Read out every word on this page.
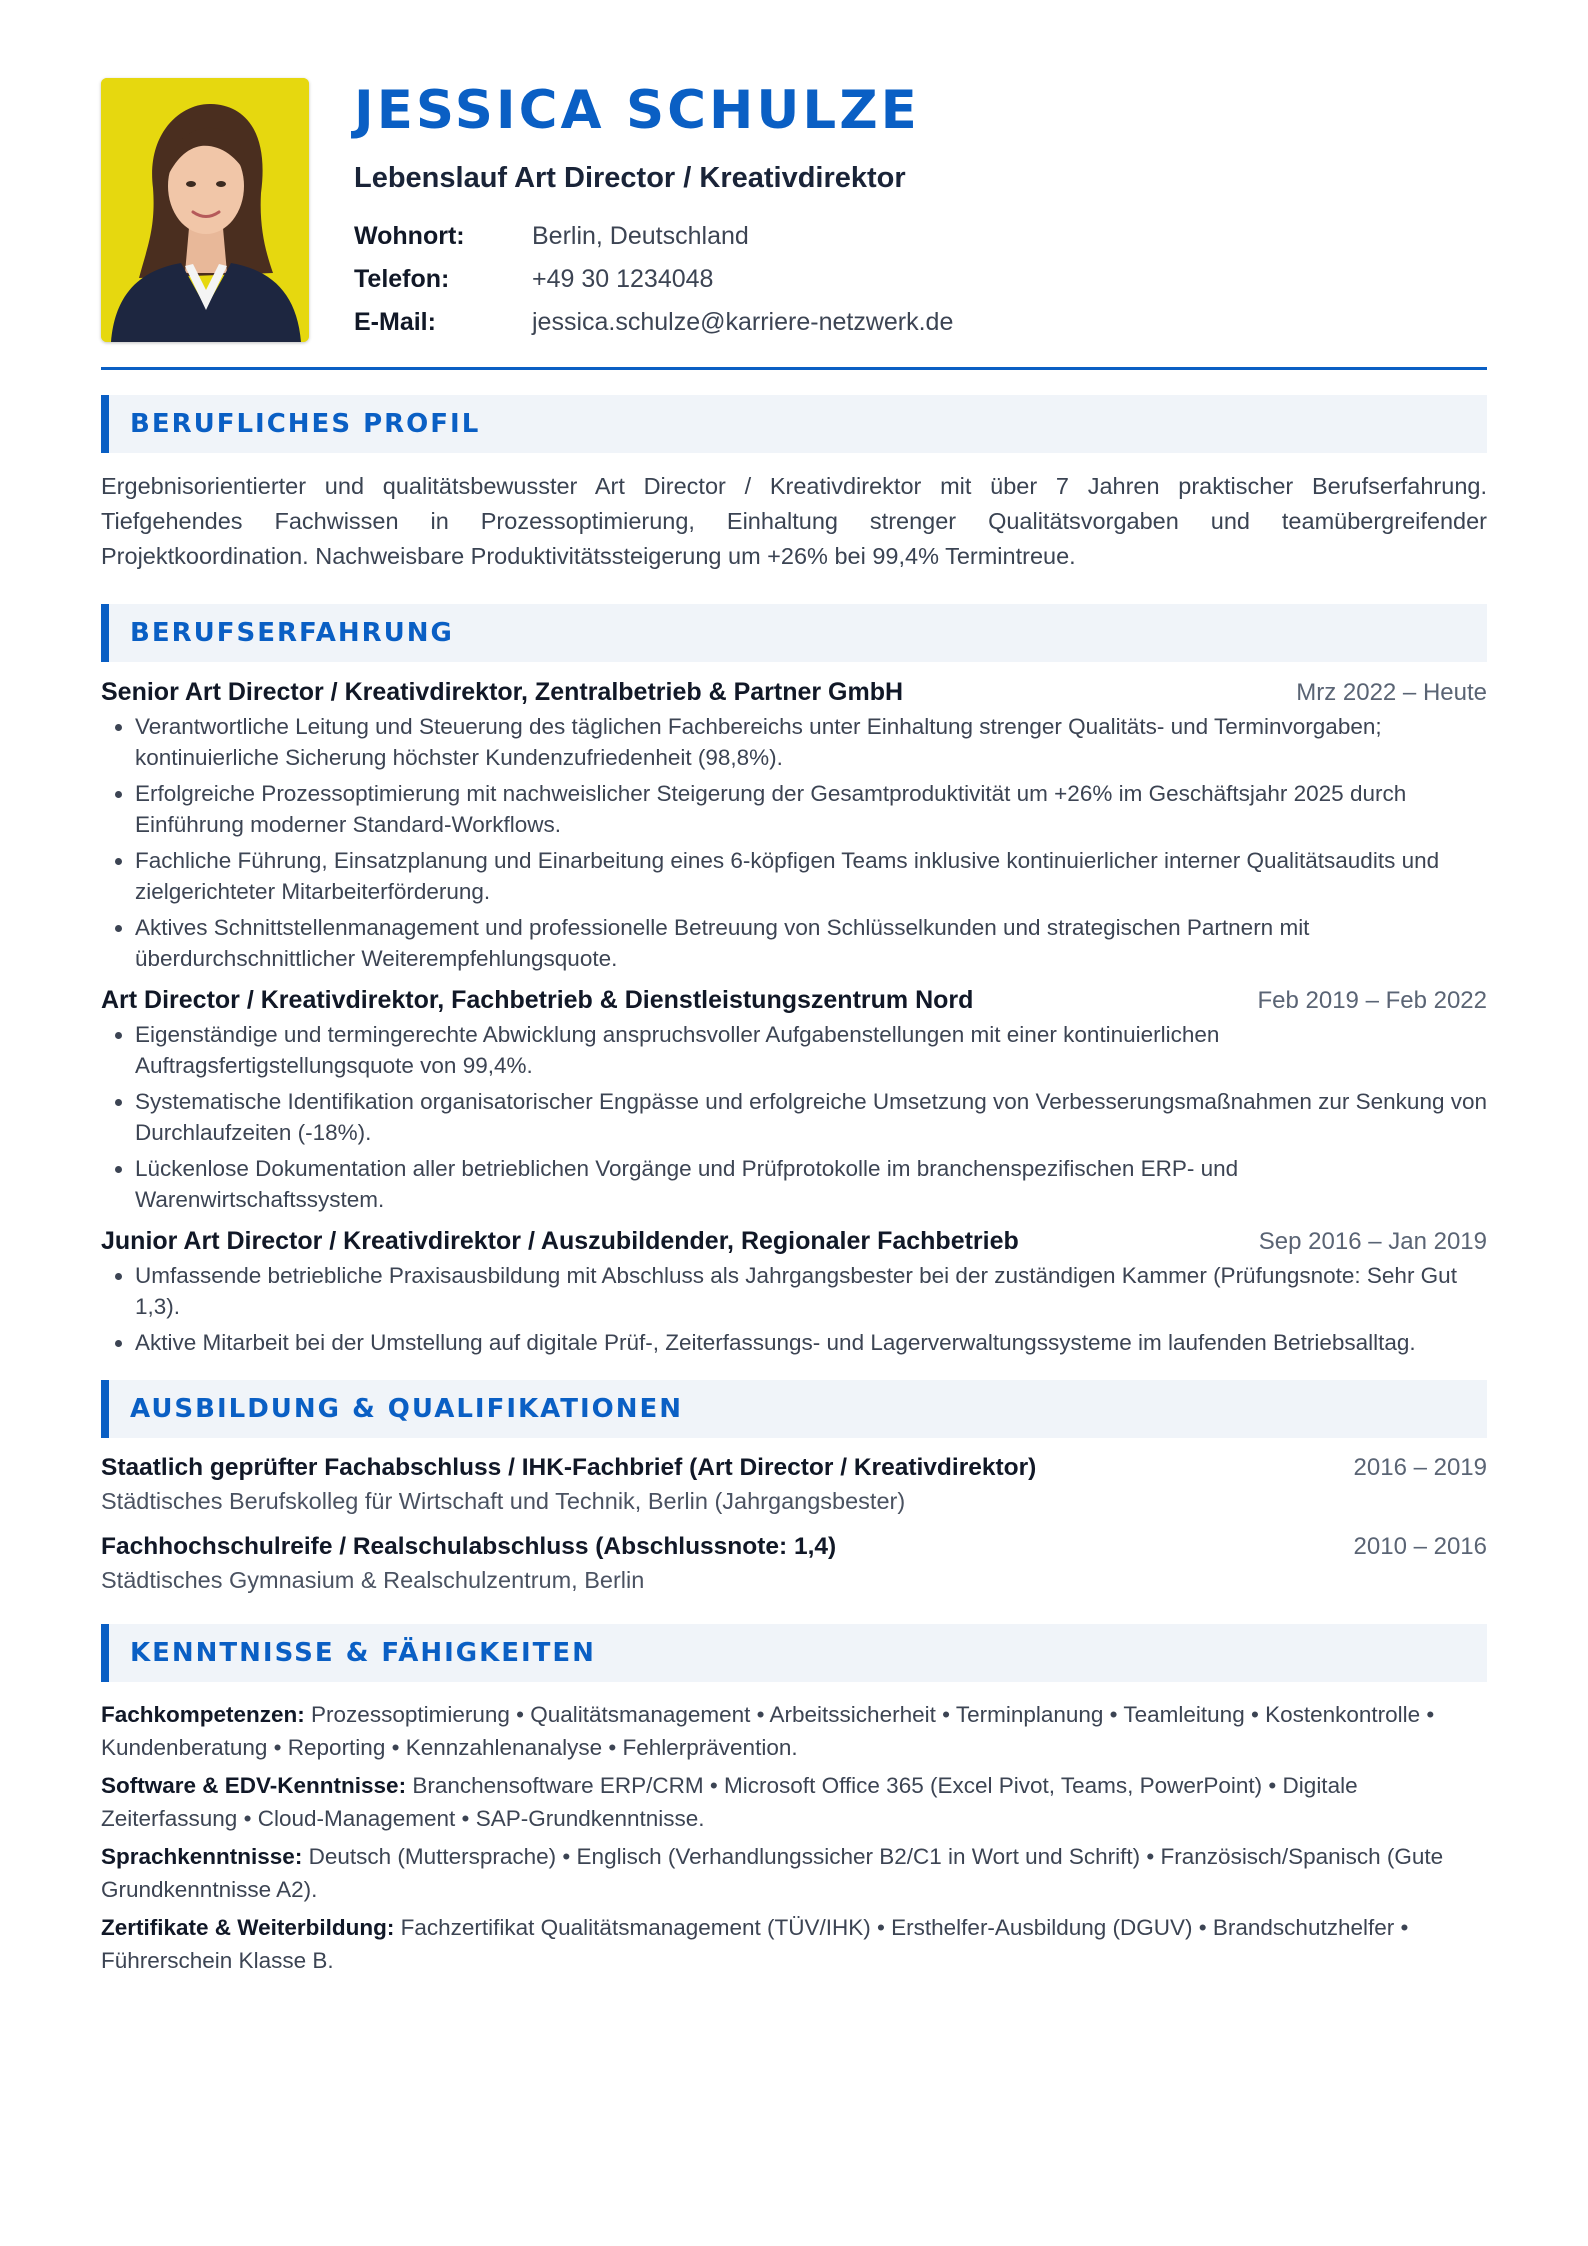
JESSICA SCHULZE
Lebenslauf Art Director / Kreativdirektor
Wohnort:	Berlin, Deutschland
Telefon:	+49 30 1234048
E-Mail:	jessica.schulze@karriere-netzwerk.de
BERUFLICHES PROFIL

Ergebnisorientierter und qualitätsbewusster Art Director / Kreativdirektor mit über 7 Jahren praktischer Berufserfahrung. Tiefgehendes Fachwissen in Prozessoptimierung, Einhaltung strenger Qualitätsvorgaben und teamübergreifender Projektkoordination. Nachweisbare Produktivitätssteigerung um +26% bei 99,4% Termintreue.

BERUFSERFAHRUNG
Senior Art Director / Kreativdirektor, Zentralbetrieb & Partner GmbH	Mrz 2022 – Heute
• Verantwortliche Leitung und Steuerung des täglichen Fachbereichs unter Einhaltung strenger Qualitäts- und Terminvorgaben; kontinuierliche Sicherung höchster Kundenzufriedenheit (98,8%).
• Erfolgreiche Prozessoptimierung mit nachweislicher Steigerung der Gesamtproduktivität um +26% im Geschäftsjahr 2025 durch Einführung moderner Standard-Workflows.
• Fachliche Führung, Einsatzplanung und Einarbeitung eines 6-köpfigen Teams inklusive kontinuierlicher interner Qualitätsaudits und zielgerichteter Mitarbeiterförderung.
• Aktives Schnittstellenmanagement und professionelle Betreuung von Schlüsselkunden und strategischen Partnern mit überdurchschnittlicher Weiterempfehlungsquote.
Art Director / Kreativdirektor, Fachbetrieb & Dienstleistungszentrum Nord	Feb 2019 – Feb 2022
• Eigenständige und termingerechte Abwicklung anspruchsvoller Aufgabenstellungen mit einer kontinuierlichen Auftragsfertigstellungsquote von 99,4%.
• Systematische Identifikation organisatorischer Engpässe und erfolgreiche Umsetzung von Verbesserungsmaßnahmen zur Senkung von Durchlaufzeiten (-18%).
• Lückenlose Dokumentation aller betrieblichen Vorgänge und Prüfprotokolle im branchenspezifischen ERP- und Warenwirtschaftssystem.
Junior Art Director / Kreativdirektor / Auszubildender, Regionaler Fachbetrieb	Sep 2016 – Jan 2019
• Umfassende betriebliche Praxisausbildung mit Abschluss als Jahrgangsbester bei der zuständigen Kammer (Prüfungsnote: Sehr Gut 1,3).
• Aktive Mitarbeit bei der Umstellung auf digitale Prüf-, Zeiterfassungs- und Lagerverwaltungssysteme im laufenden Betriebsalltag.
AUSBILDUNG & QUALIFIKATIONEN
Staatlich geprüfter Fachabschluss / IHK-Fachbrief (Art Director / Kreativdirektor)	2016 – 2019
Städtisches Berufskolleg für Wirtschaft und Technik, Berlin (Jahrgangsbester)
Fachhochschulreife / Realschulabschluss (Abschlussnote: 1,4)	2010 – 2016
Städtisches Gymnasium & Realschulzentrum, Berlin
KENNTNISSE & FÄHIGKEITEN
Fachkompetenzen: Prozessoptimierung • Qualitätsmanagement • Arbeitssicherheit • Terminplanung • Teamleitung • Kostenkontrolle • Kundenberatung • Reporting • Kennzahlenanalyse • Fehlerprävention.
Software & EDV-Kenntnisse: Branchensoftware ERP/CRM • Microsoft Office 365 (Excel Pivot, Teams, PowerPoint) • Digitale Zeiterfassung • Cloud-Management • SAP-Grundkenntnisse.
Sprachkenntnisse: Deutsch (Muttersprache) • Englisch (Verhandlungssicher B2/C1 in Wort und Schrift) • Französisch/Spanisch (Gute Grundkenntnisse A2).
Zertifikate & Weiterbildung: Fachzertifikat Qualitätsmanagement (TÜV/IHK) • Ersthelfer-Ausbildung (DGUV) • Brandschutzhelfer • Führerschein Klasse B.
